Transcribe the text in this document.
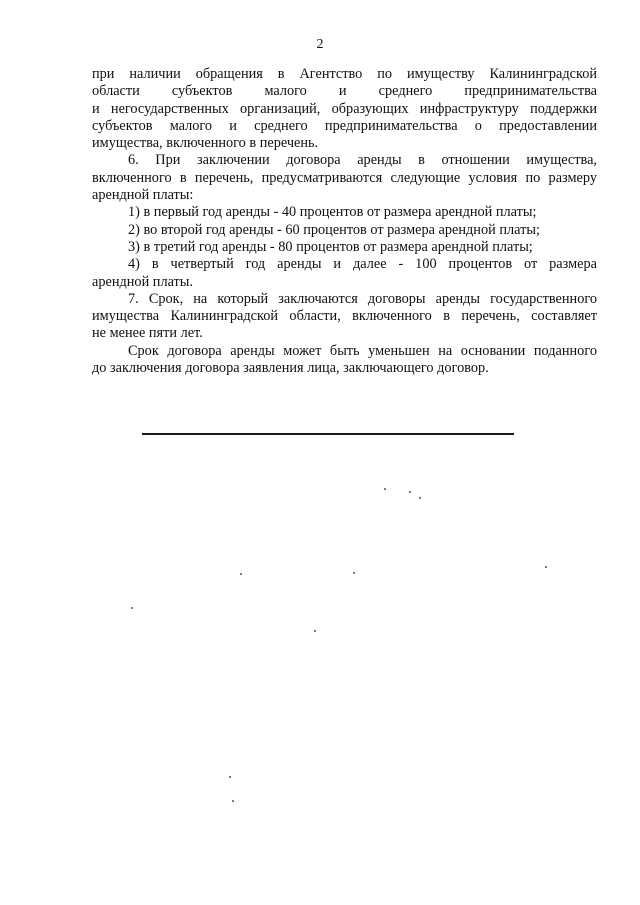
2
при наличии обращения в Агентство по имуществу Калининградской
области субъектов малого и среднего предпринимательства
и негосударственных организаций, образующих инфраструктуру поддержки
субъектов малого и среднего предпринимательства о предоставлении
имущества, включенного в перечень.
6. При заключении договора аренды в отношении имущества,
включенного в перечень, предусматриваются следующие условия по размеру
арендной платы:
1) в первый год аренды - 40 процентов от размера арендной платы;
2) во второй год аренды - 60 процентов от размера арендной платы;
3) в третий год аренды - 80 процентов от размера арендной платы;
4) в четвертый год аренды и далее - 100 процентов от размера
арендной платы.
7. Срок, на который заключаются договоры аренды государственного
имущества Калининградской области, включенного в перечень, составляет
не менее пяти лет.
Срок договора аренды может быть уменьшен на основании поданного
до заключения договора заявления лица, заключающего договор.
